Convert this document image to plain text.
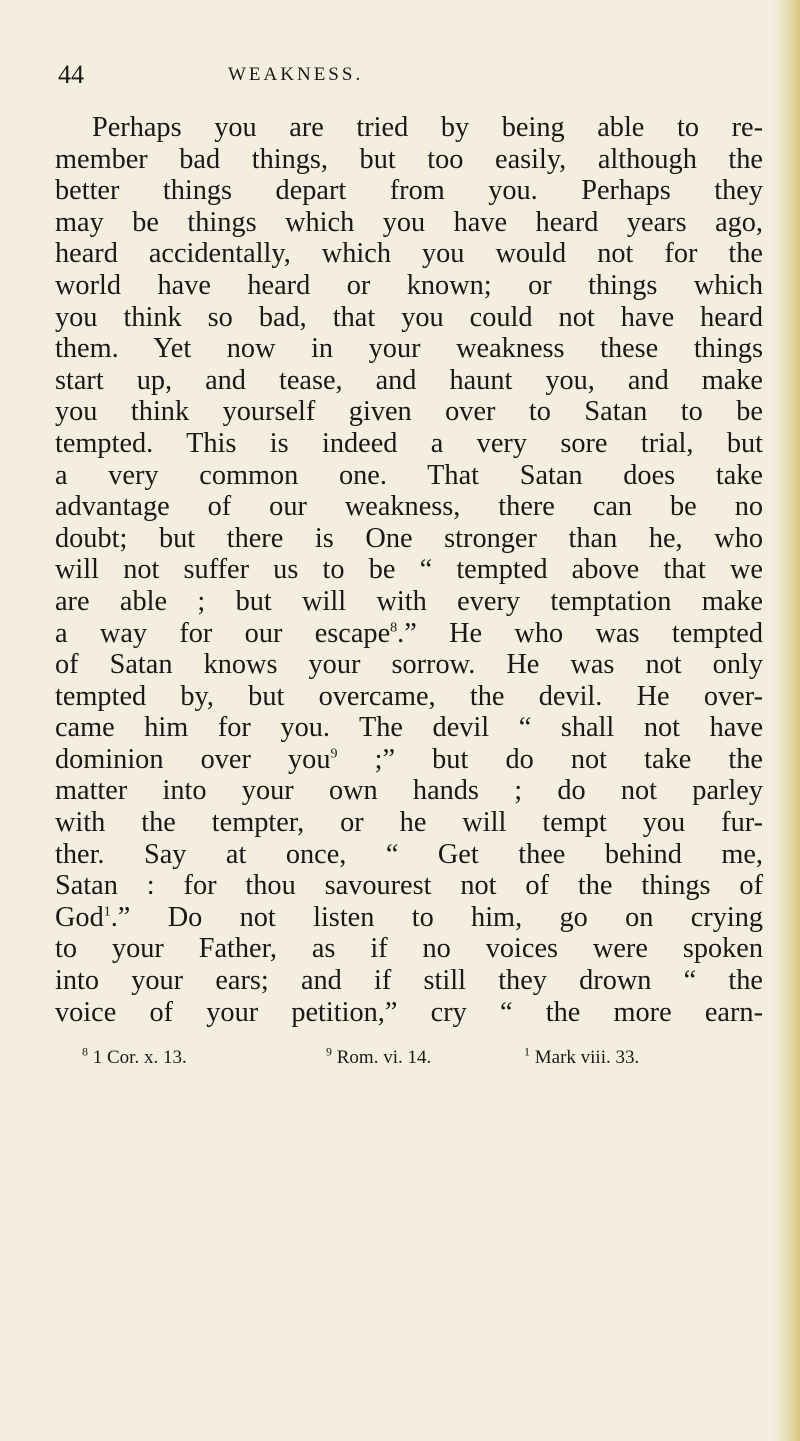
44	WEAKNESS.
Perhaps you are tried by being able to re-
member bad things, but too easily, although the
better things depart from you. Perhaps they
may be things which you have heard years ago,
heard accidentally, which you would not for the
world have heard or known; or things which
you think so bad, that you could not have heard
them. Yet now in your weakness these things
start up, and tease, and haunt you, and make
you think yourself given over to Satan to be
tempted. This is indeed a very sore trial, but
a very common one. That Satan does take
advantage of our weakness, there can be no
doubt; but there is One stronger than he, who
will not suffer us to be “ tempted above that we
are able ; but will with every temptation make
a way for our escape$^8$.” He who was tempted
of Satan knows your sorrow. He was not only
tempted by, but overcame, the devil. He over-
came him for you. The devil “ shall not have
dominion over you$^9$ ;” but do not take the
matter into your own hands ; do not parley
with the tempter, or he will tempt you fur-
ther. Say at once, “ Get thee behind me,
Satan : for thou savourest not of the things of
God$^1$.” Do not listen to him, go on crying
to your Father, as if no voices were spoken
into your ears; and if still they drown “ the
voice of your petition,” cry “ the more earn-
$^8$ 1 Cor. x. 13.	$^9$ Rom. vi. 14.	$^1$ Mark viii. 33.
